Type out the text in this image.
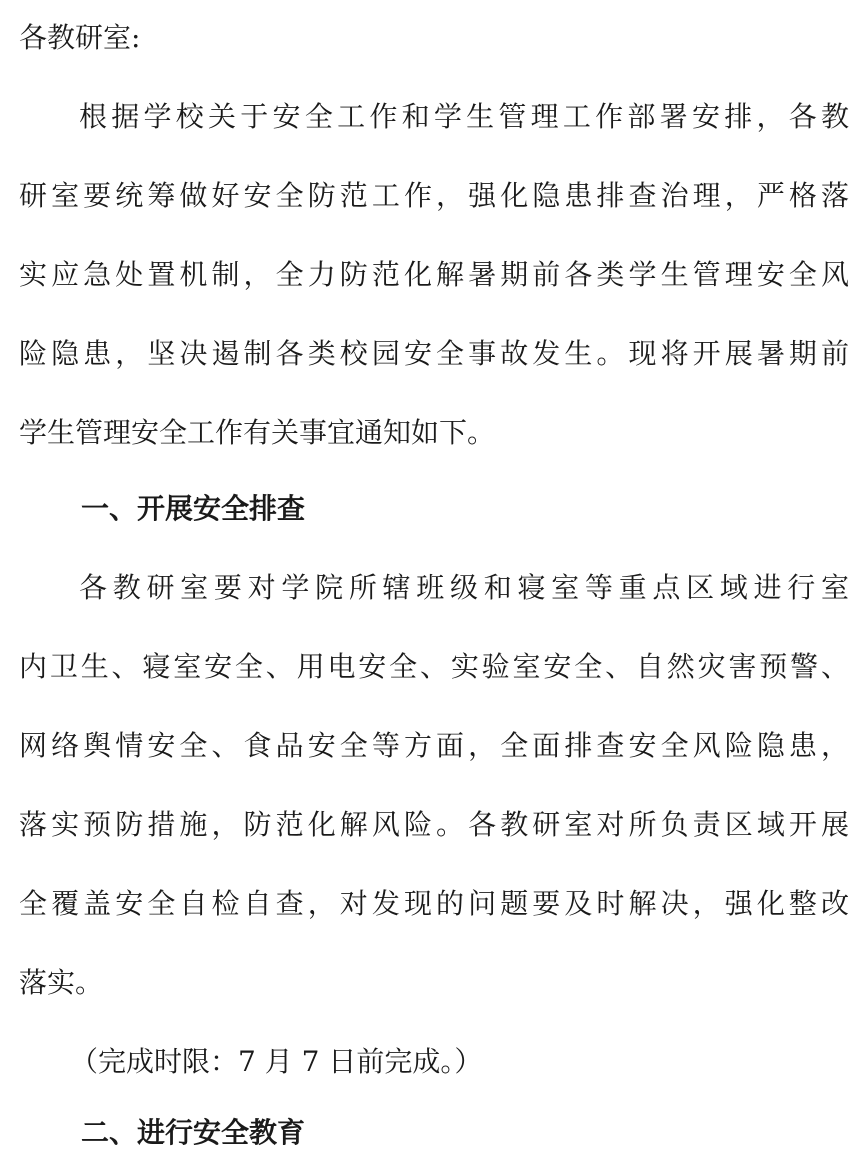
各教研室:
根据学校关于安全工作和学生管理工作部署安排，各教
研室要统筹做好安全防范工作，强化隐患排查治理，严格落
实应急处置机制，全力防范化解暑期前各类学生管理安全风
险隐患，坚决遏制各类校园安全事故发生。现将开展暑期前
学生管理安全工作有关事宜通知如下。
一、开展安全排查
各教研室要对学院所辖班级和寝室等重点区域进行室
内卫生、寝室安全、用电安全、实验室安全、自然灾害预警、
网络舆情安全、食品安全等方面，全面排查安全风险隐患，
落实预防措施，防范化解风险。各教研室对所负责区域开展
全覆盖安全自检自查，对发现的问题要及时解决，强化整改
落实。
（完成时限：7 月 7 日前完成。）
二、进行安全教育
